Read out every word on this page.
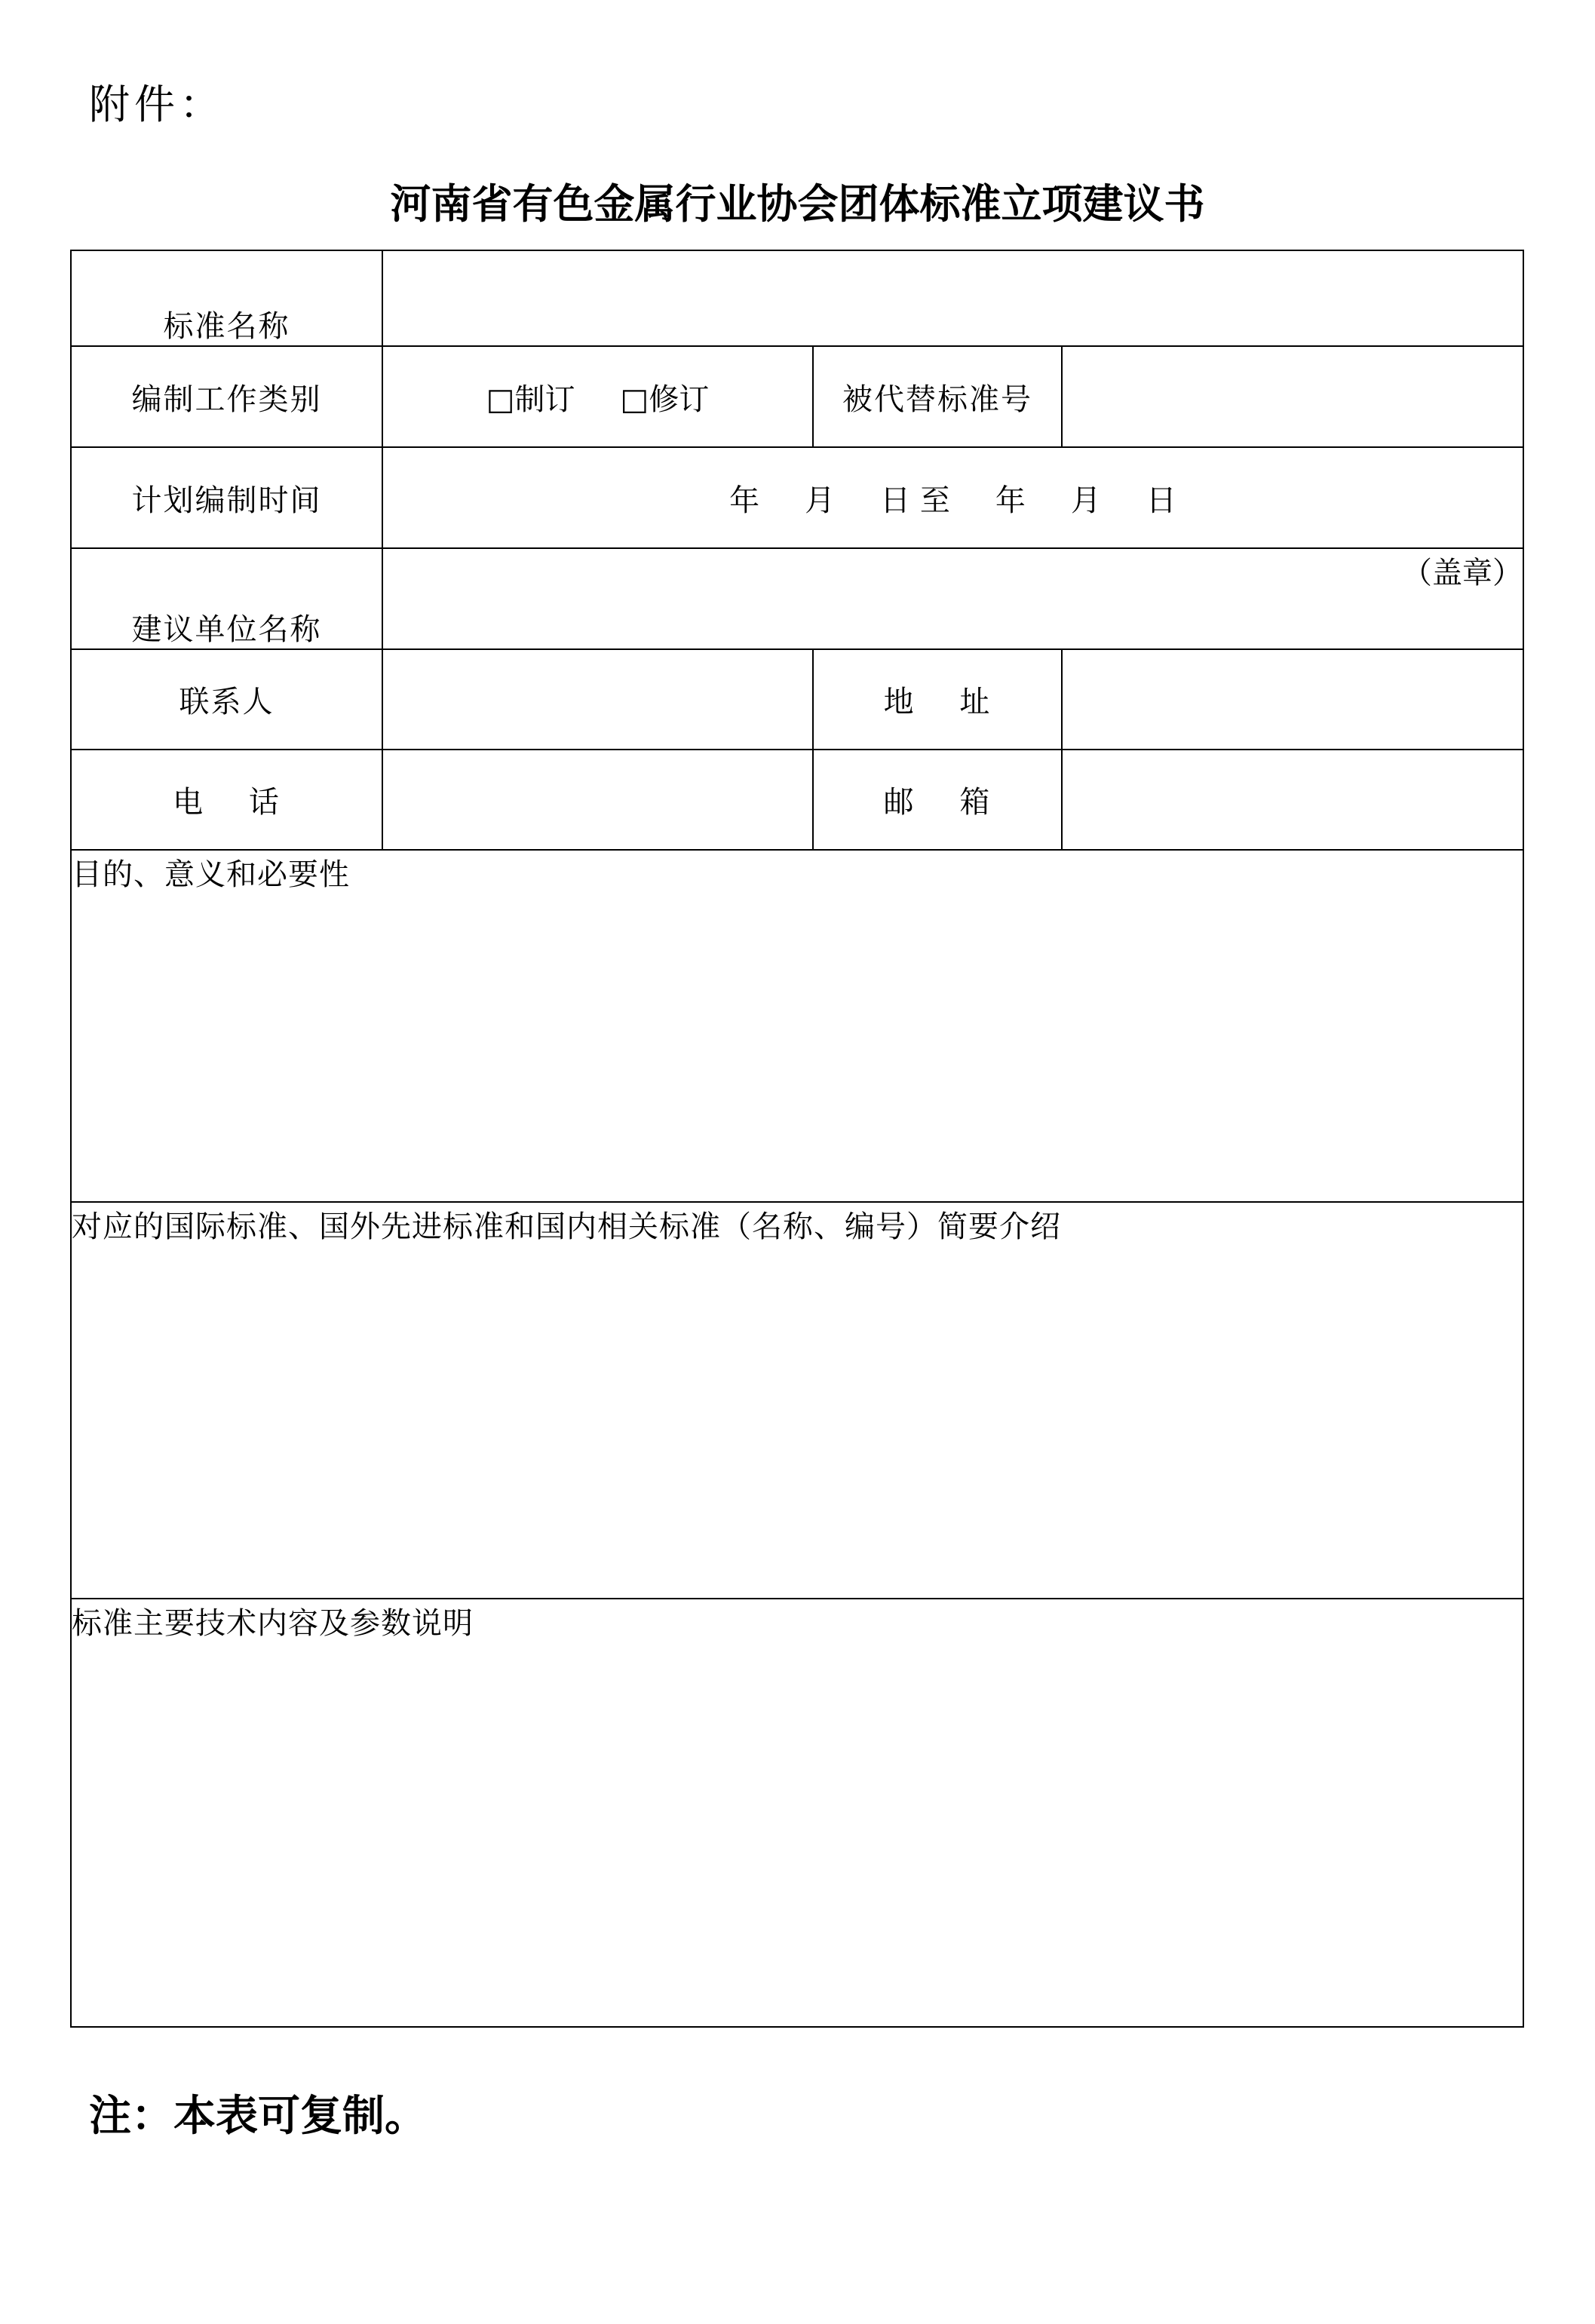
附件：
河南省有色金属行业协会团体标准立项建议书
标准名称			
编制工作类别	□制订 □修订	被代替标准号	
计划编制时间	年 月 日 至 年 月 日		
建议单位名称	（盖章）		
联系人		地    址	
电    话		邮    箱	
目的、意义和必要性			
对应的国际标准、国外先进标准和国内相关标准（名称、编号）简要介绍			
标准主要技术内容及参数说明			
注：本表可复制。
